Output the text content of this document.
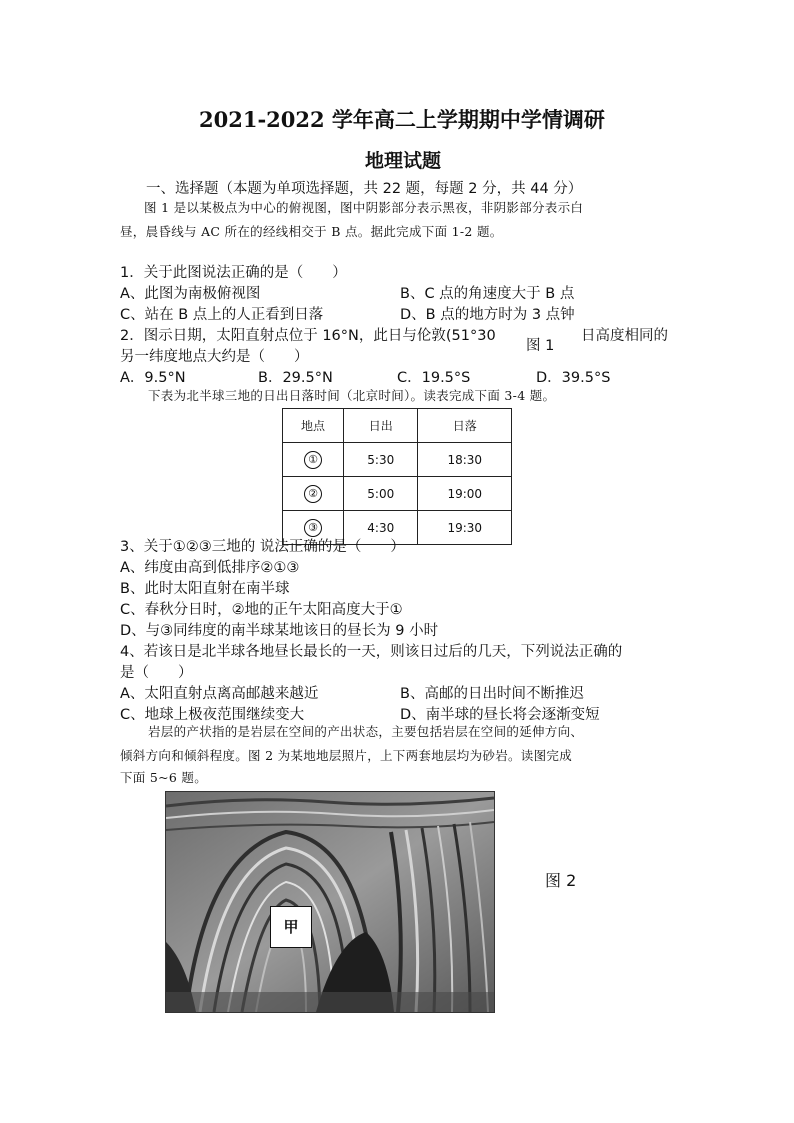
2021-2022 学年高二上学期期中学情调研
地理试题
一、选择题（本题为单项选择题，共 22 题，每题 2 分，共 44 分）
图 1 是以某极点为中心的俯视图，图中阴影部分表示黑夜，非阴影部分表示白
昼，晨昏线与 AC 所在的经线相交于 B 点。据此完成下面 1-2 题。
1．关于此图说法正确的是（　　）
A、此图为南极俯视图	B、C 点的角速度大于 B 点
C、站在 B 点上的人正看到日落	D、B 点的地方时为 3 点钟
2．图示日期，太阳直射点位于 16°N，此日与伦敦(51°30	日高度相同的
另一纬度地点大约是（　　）
图 1
A．9.5°N	B．29.5°N	C．19.5°S	D．39.5°S
下表为北半球三地的日出日落时间（北京时间）。读表完成下面 3-4 题。
地点	日出	日落
①	5:30	18:30
②	5:00	19:00
③	4:30	19:30
3、关于①②③三地的 说法正确的是（　　）
A、纬度由高到低排序②①③
B、此时太阳直射在南半球
C、春秋分日时，②地的正午太阳高度大于①
D、与③同纬度的南半球某地该日的昼长为 9 小时
4、若该日是北半球各地昼长最长的一天，则该日过后的几天，下列说法正确的
是（　　）
A、太阳直射点离高邮越来越近	B、高邮的日出时间不断推迟
C、地球上极夜范围继续变大	D、南半球的昼长将会逐渐变短
岩层的产状指的是岩层在空间的产出状态，主要包括岩层在空间的延伸方向、
倾斜方向和倾斜程度。图 2 为某地地层照片，上下两套地层均为砂岩。读图完成
下面 5~6 题。
甲
图 2
